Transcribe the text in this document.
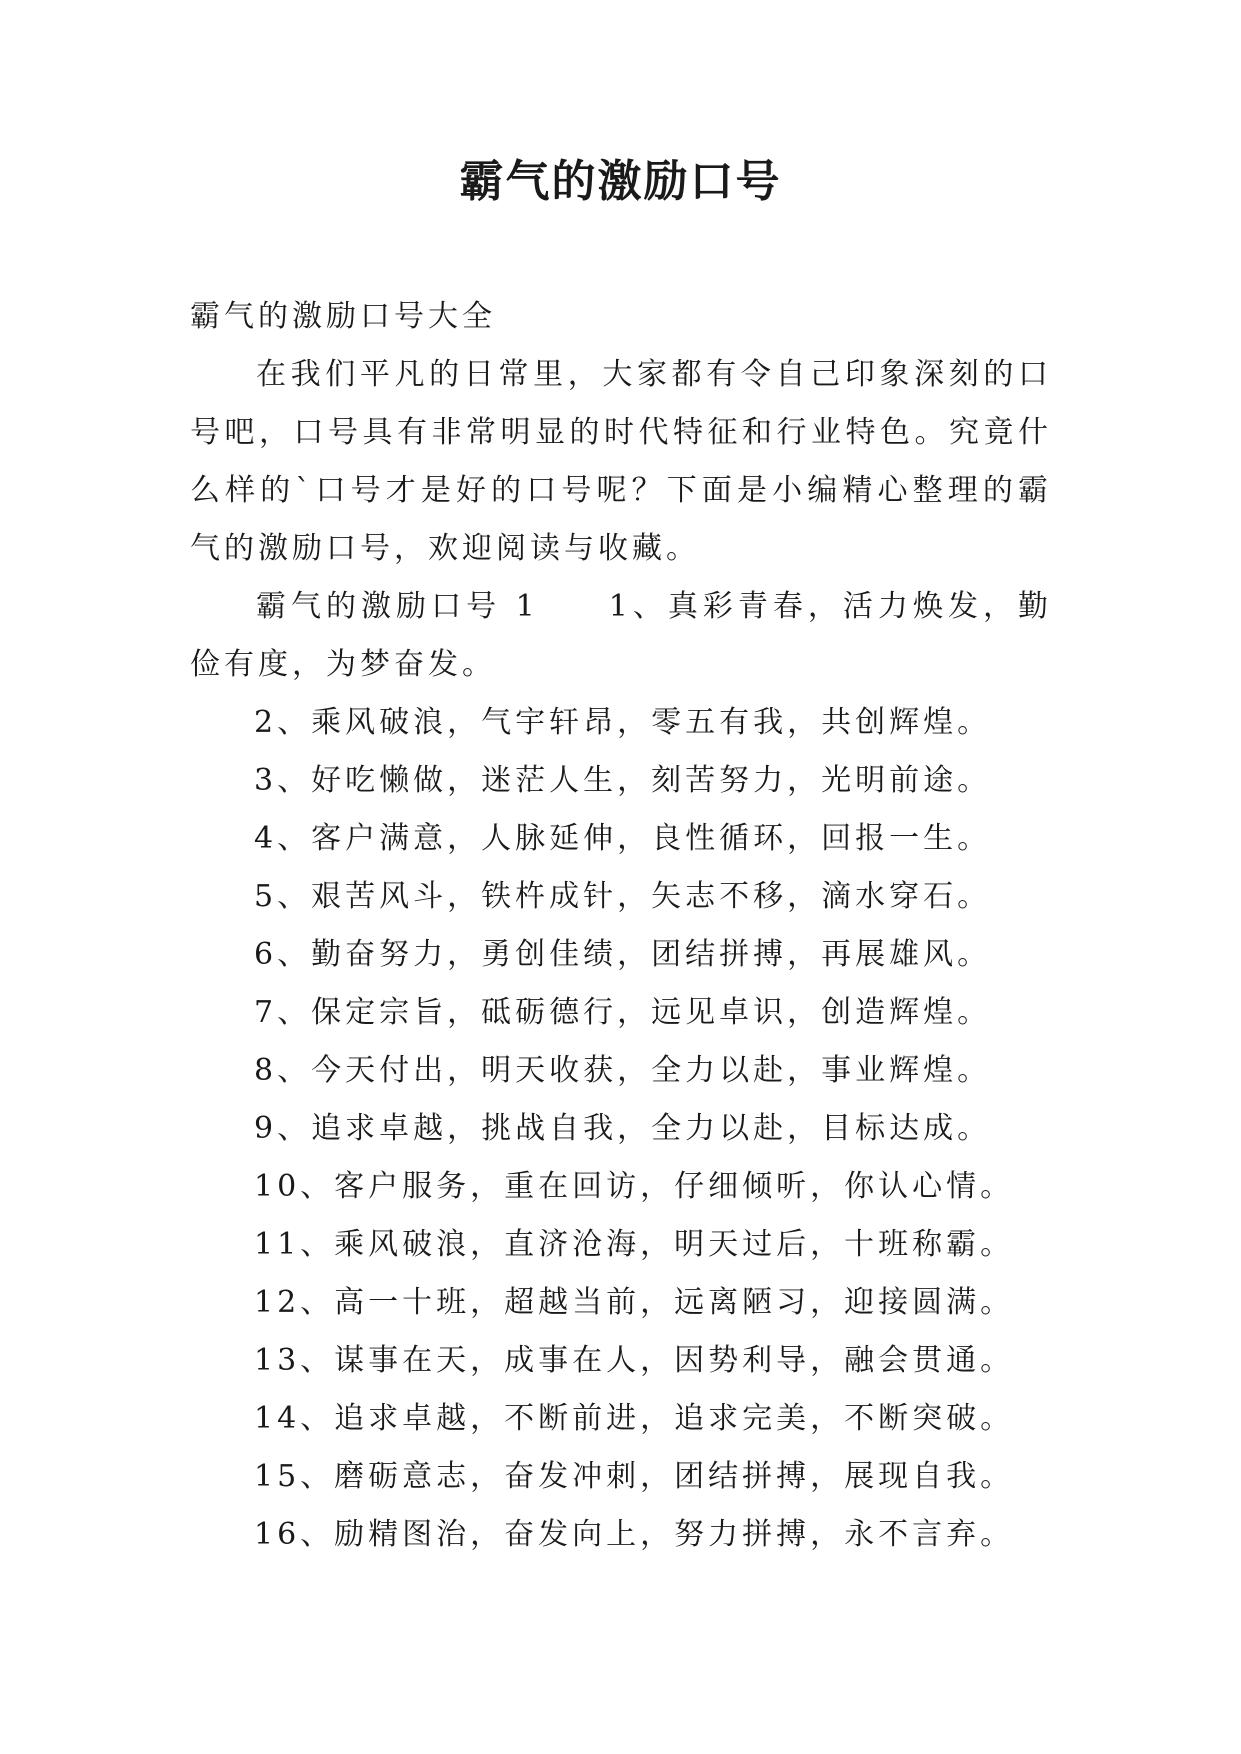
霸气的激励口号

霸气的激励口号大全

在我们平凡的日常里，大家都有令自己印象深刻的口号吧，口号具有非常明显的时代特征和行业特色。究竟什么样的`口号才是好的口号呢？下面是小编精心整理的霸气的激励口号，欢迎阅读与收藏。

霸气的激励口号 1 1、真彩青春，活力焕发，勤俭有度，为梦奋发。

2、乘风破浪，气宇轩昂，零五有我，共创辉煌。

3、好吃懒做，迷茫人生，刻苦努力，光明前途。

4、客户满意，人脉延伸，良性循环，回报一生。

5、艰苦风斗，铁杵成针，矢志不移，滴水穿石。

6、勤奋努力，勇创佳绩，团结拼搏，再展雄风。

7、保定宗旨，砥砺德行，远见卓识，创造辉煌。

8、今天付出，明天收获，全力以赴，事业辉煌。

9、追求卓越，挑战自我，全力以赴，目标达成。

10、客户服务，重在回访，仔细倾听，你认心情。

11、乘风破浪，直济沧海，明天过后，十班称霸。

12、高一十班，超越当前，远离陋习，迎接圆满。

13、谋事在天，成事在人，因势利导，融会贯通。

14、追求卓越，不断前进，追求完美，不断突破。

15、磨砺意志，奋发冲刺，团结拼搏，展现自我。

16、励精图治，奋发向上，努力拼搏，永不言弃。
